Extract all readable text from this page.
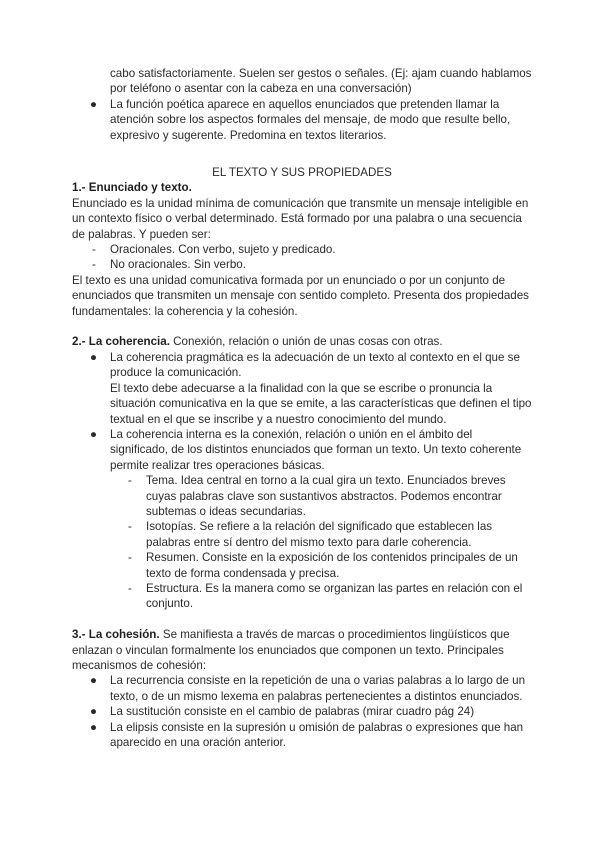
cabo satisfactoriamente. Suelen ser gestos o señales. (Ej: ajam cuando hablamos por teléfono o asentar con la cabeza en una conversación)

● La función poética aparece en aquellos enunciados que pretenden llamar la atención sobre los aspectos formales del mensaje, de modo que resulte bello, expresivo y sugerente. Predomina en textos literarios.

EL TEXTO Y SUS PROPIEDADES

1.- Enunciado y texto.

Enunciado es la unidad mínima de comunicación que transmite un mensaje inteligible en un contexto físico o verbal determinado. Está formado por una palabra o una secuencia de palabras. Y pueden ser:

- Oracionales. Con verbo, sujeto y predicado.

- No oracionales. Sin verbo.

El texto es una unidad comunicativa formada por un enunciado o por un conjunto de enunciados que transmiten un mensaje con sentido completo. Presenta dos propiedades fundamentales: la coherencia y la cohesión.

2.- La coherencia. Conexión, relación o unión de unas cosas con otras.

● La coherencia pragmática es la adecuación de un texto al contexto en el que se produce la comunicación.

El texto debe adecuarse a la finalidad con la que se escribe o pronuncia la situación comunicativa en la que se emite, a las características que definen el tipo textual en el que se inscribe y a nuestro conocimiento del mundo.

● La coherencia interna es la conexión, relación o unión en el ámbito del significado, de los distintos enunciados que forman un texto. Un texto coherente permite realizar tres operaciones básicas.

- Tema. Idea central en torno a la cual gira un texto. Enunciados breves cuyas palabras clave son sustantivos abstractos. Podemos encontrar subtemas o ideas secundarias.

- Isotopías. Se refiere a la relación del significado que establecen las palabras entre sí dentro del mismo texto para darle coherencia.

- Resumen. Consiste en la exposición de los contenidos principales de un texto de forma condensada y precisa.

- Estructura. Es la manera como se organizan las partes en relación con el conjunto.

3.- La cohesión. Se manifiesta a través de marcas o procedimientos lingüísticos que enlazan o vinculan formalmente los enunciados que componen un texto. Principales mecanismos de cohesión:

● La recurrencia consiste en la repetición de una o varias palabras a lo largo de un texto, o de un mismo lexema en palabras pertenecientes a distintos enunciados.

● La sustitución consiste en el cambio de palabras (mirar cuadro pág 24)

● La elipsis consiste en la supresión u omisión de palabras o expresiones que han aparecido en una oración anterior.
